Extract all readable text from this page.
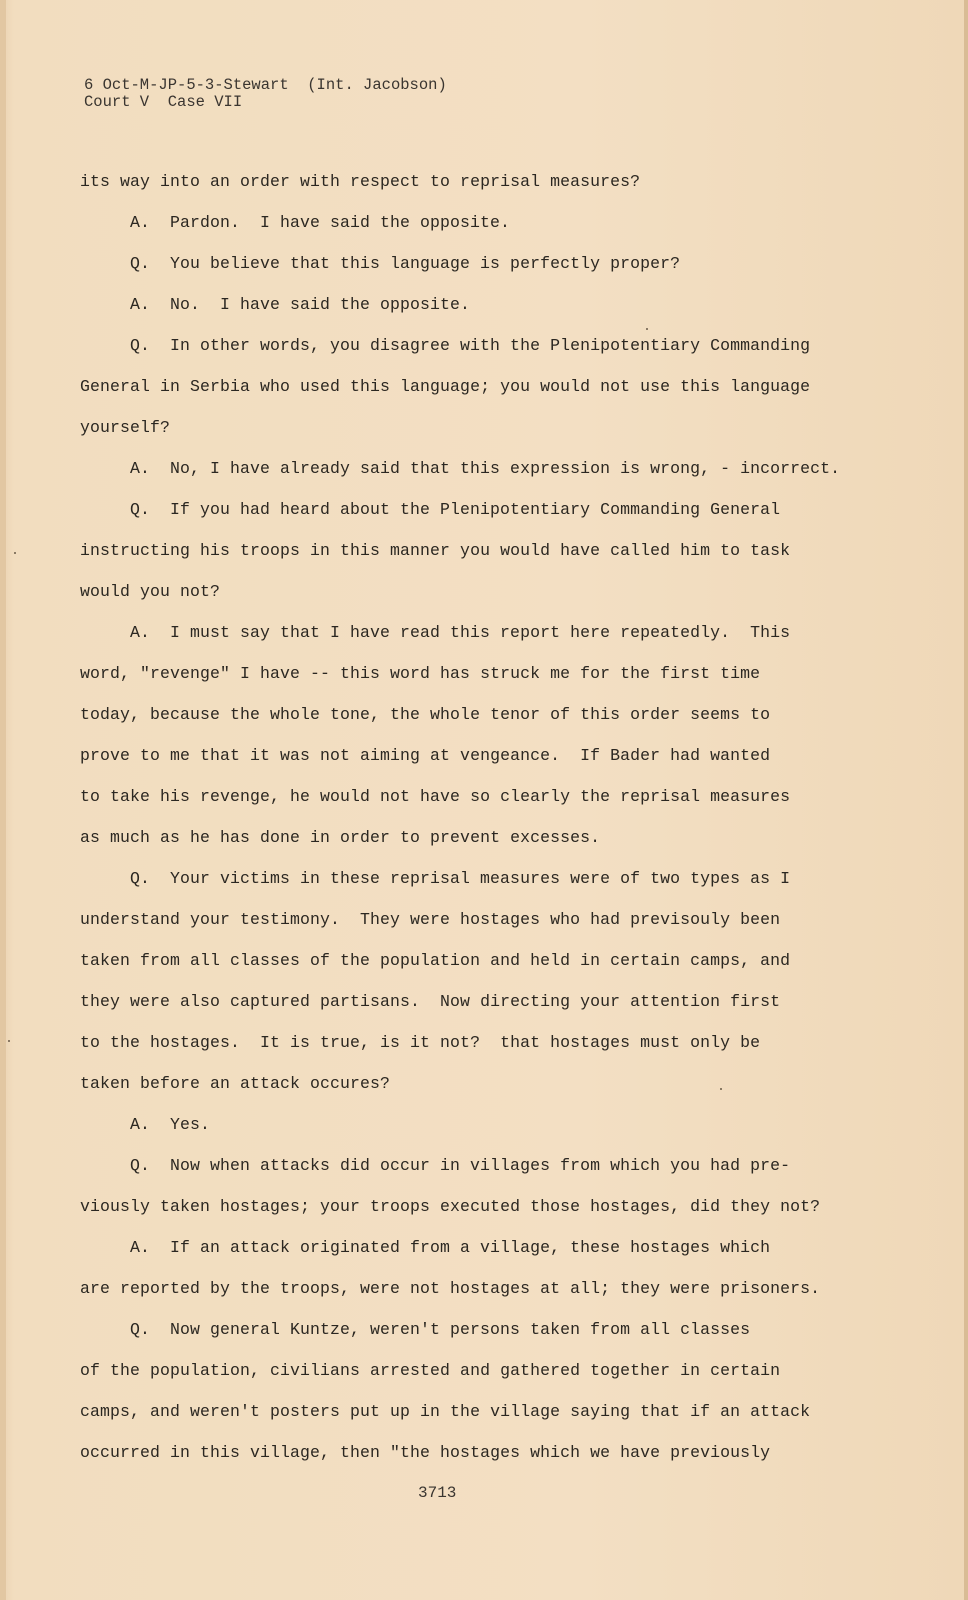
6 Oct-M-JP-5-3-Stewart  (Int. Jacobson)
Court V  Case VII
its way into an order with respect to reprisal measures?
A.  Pardon.  I have said the opposite.
Q.  You believe that this language is perfectly proper?
A.  No.  I have said the opposite.
Q.  In other words, you disagree with the Plenipotentiary Commanding
General in Serbia who used this language; you would not use this language
yourself?
A.  No, I have already said that this expression is wrong, - incorrect.
Q.  If you had heard about the Plenipotentiary Commanding General
instructing his troops in this manner you would have called him to task
would you not?
A.  I must say that I have read this report here repeatedly.  This
word, "revenge" I have -- this word has struck me for the first time
today, because the whole tone, the whole tenor of this order seems to
prove to me that it was not aiming at vengeance.  If Bader had wanted
to take his revenge, he would not have so clearly the reprisal measures
as much as he has done in order to prevent excesses.
Q.  Your victims in these reprisal measures were of two types as I
understand your testimony.  They were hostages who had previsouly been
taken from all classes of the population and held in certain camps, and
they were also captured partisans.  Now directing your attention first
to the hostages.  It is true, is it not?  that hostages must only be
taken before an attack occures?
A.  Yes.
Q.  Now when attacks did occur in villages from which you had pre-
viously taken hostages; your troops executed those hostages, did they not?
A.  If an attack originated from a village, these hostages which
are reported by the troops, were not hostages at all; they were prisoners.
Q.  Now general Kuntze, weren't persons taken from all classes
of the population, civilians arrested and gathered together in certain
camps, and weren't posters put up in the village saying that if an attack
occurred in this village, then "the hostages which we have previously
3713
